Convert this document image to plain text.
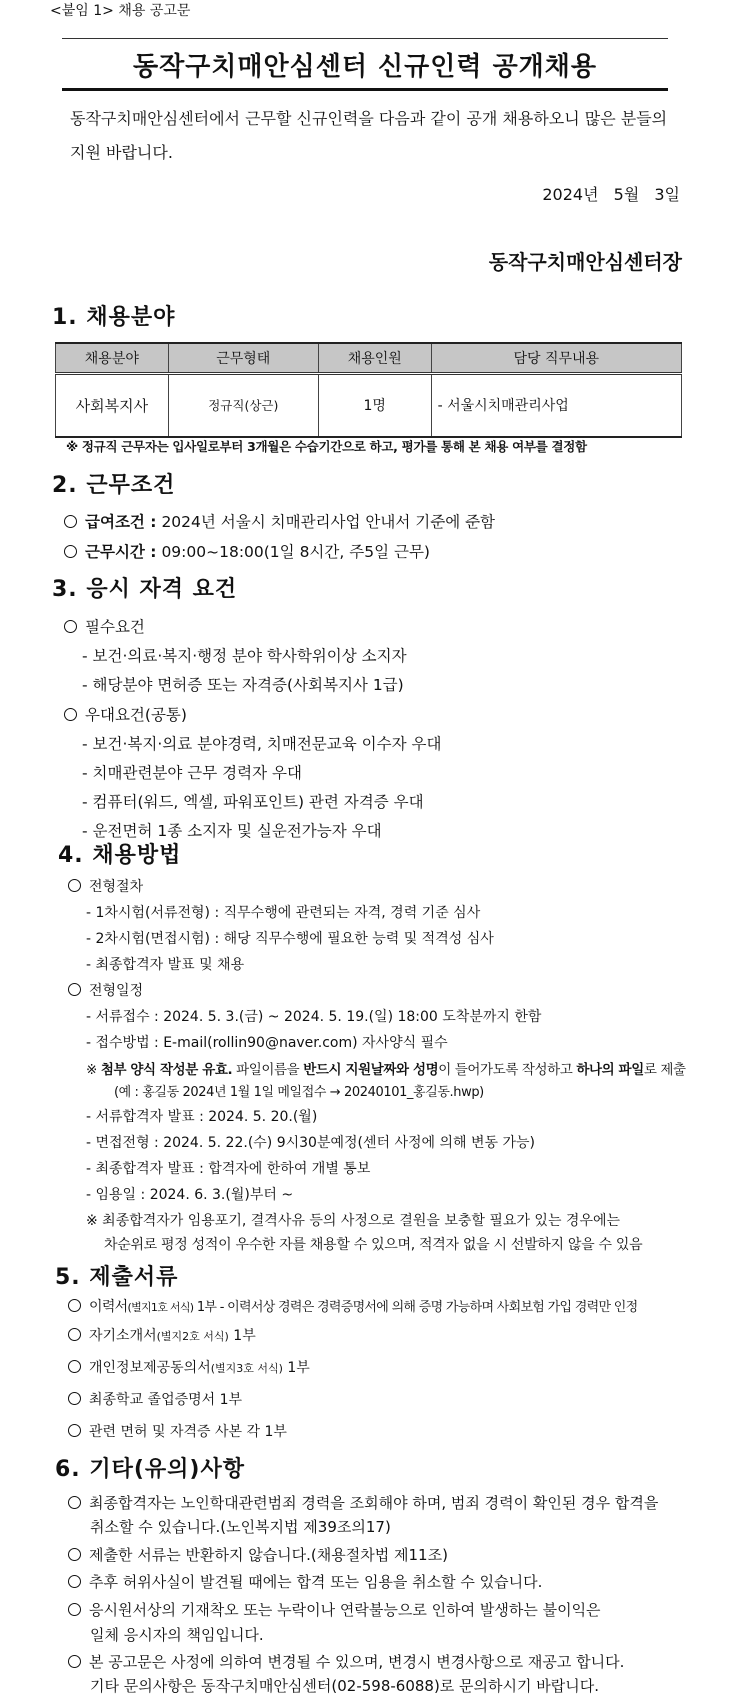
<붙임 1> 채용 공고문
동작구치매안심센터 신규인력 공개채용
동작구치매안심센터에서 근무할 신규인력을 다음과 같이 공개 채용하오니 많은 분들의
지원 바랍니다.
2024년 5월 3일
동작구치매안심센터장
1. 채용분야
채용분야	근무형태	채용인원	담당 직무내용
사회복지사	정규직(상근)	1명	- 서울시치매관리사업
※ 정규직 근무자는 입사일로부터 3개월은 수습기간으로 하고, 평가를 통해 본 채용 여부를 결정함
2. 근무조건
급여조건 : 2024년 서울시 치매관리사업 안내서 기준에 준함
근무시간 : 09:00~18:00(1일 8시간, 주5일 근무)
3. 응시 자격 요건
필수요건
- 보건·의료·복지·행정 분야 학사학위이상 소지자
- 해당분야 면허증 또는 자격증(사회복지사 1급)
우대요건(공통)
- 보건·복지·의료 분야경력, 치매전문교육 이수자 우대
- 치매관련분야 근무 경력자 우대
- 컴퓨터(워드, 엑셀, 파워포인트) 관련 자격증 우대
- 운전면허 1종 소지자 및 실운전가능자 우대
4. 채용방법
전형절차
- 1차시험(서류전형) : 직무수행에 관련되는 자격, 경력 기준 심사
- 2차시험(면접시험) : 해당 직무수행에 필요한 능력 및 적격성 심사
- 최종합격자 발표 및 채용
전형일정
- 서류접수 : 2024. 5. 3.(금) ~ 2024. 5. 19.(일) 18:00 도착분까지 한함
- 접수방법 : E-mail(rollin90@naver.com) 자사양식 필수
※ 첨부 양식 작성분 유효. 파일이름을 반드시 지원날짜와 성명이 들어가도록 작성하고 하나의 파일로 제출
(예 : 홍길동 2024년 1월 1일 메일접수 → 20240101_홍길동.hwp)
- 서류합격자 발표 : 2024. 5. 20.(월)
- 면접전형 : 2024. 5. 22.(수) 9시30분예정(센터 사정에 의해 변동 가능)
- 최종합격자 발표 : 합격자에 한하여 개별 통보
- 임용일 : 2024. 6. 3.(월)부터 ~
※ 최종합격자가 임용포기, 결격사유 등의 사정으로 결원을 보충할 필요가 있는 경우에는
차순위로 평정 성적이 우수한 자를 채용할 수 있으며, 적격자 없을 시 선발하지 않을 수 있음
5. 제출서류
이력서(별지1호 서식) 1부 - 이력서상 경력은 경력증명서에 의해 증명 가능하며 사회보험 가입 경력만 인정
자기소개서(별지2호 서식) 1부
개인정보제공동의서(별지3호 서식) 1부
최종학교 졸업증명서 1부
관련 면허 및 자격증 사본 각 1부
6. 기타(유의)사항
최종합격자는 노인학대관련범죄 경력을 조회해야 하며, 범죄 경력이 확인된 경우 합격을
취소할 수 있습니다.(노인복지법 제39조의17)
제출한 서류는 반환하지 않습니다.(채용절차법 제11조)
추후 허위사실이 발견될 때에는 합격 또는 임용을 취소할 수 있습니다.
응시원서상의 기재착오 또는 누락이나 연락불능으로 인하여 발생하는 불이익은
일체 응시자의 책임입니다.
본 공고문은 사정에 의하여 변경될 수 있으며, 변경시 변경사항으로 재공고 합니다.
기타 문의사항은 동작구치매안심센터(02-598-6088)로 문의하시기 바랍니다.
